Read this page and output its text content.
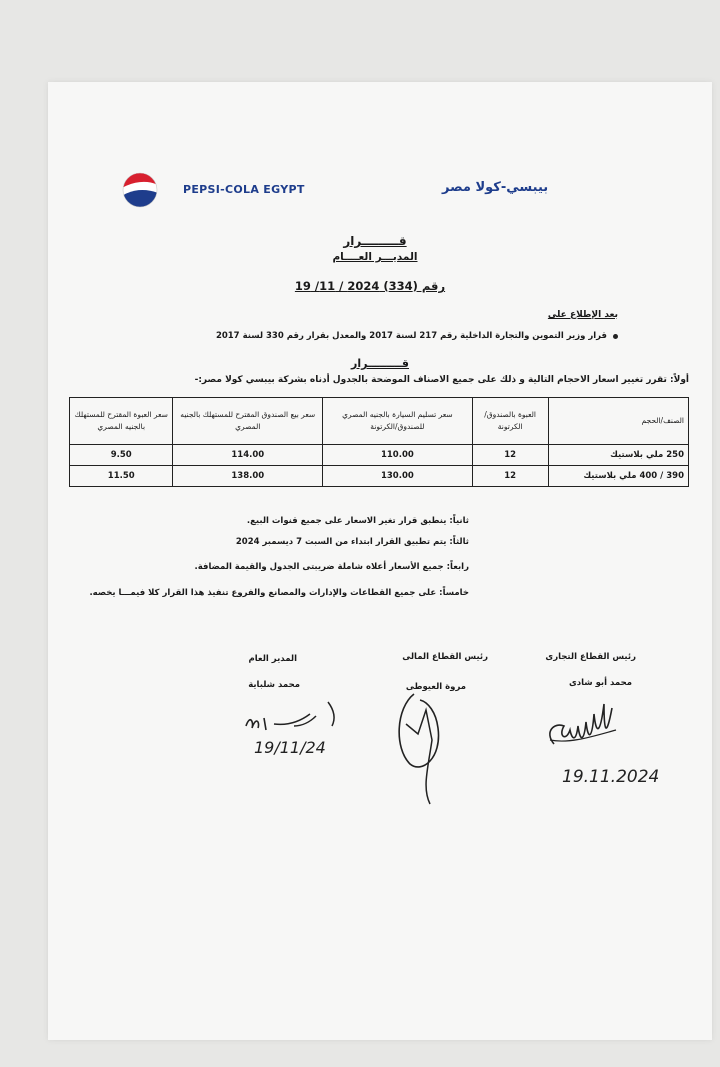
PEPSI-COLA EGYPT	بيبسي-كولا مصر
قـــــــــرار
المديـــر العــــام
رقم (334) 2024 / 11/ 19
بعد الإطلاع على
قرار وزير التموين والتجارة الداخلية رقم 217 لسنة 2017 والمعدل بقرار رقم 330 لسنة 2017
قـــــــــرار
أولاً: تقرر تغيير اسعار الاحجام التالية و ذلك على جميع الاصناف الموضحة بالجدول أدناه بشركة بيبسي كولا مصر:-
الصنف/الحجم	العبوة بالصندوق/ الكرتونة	سعر تسليم السيارة بالجنيه المصري للصندوق/الكرتونة	سعر بيع الصندوق المقترح للمستهلك بالجنيه المصري	سعر العبوة المقترح للمستهلك بالجنيه المصري
250 ملي بلاستيك	12	110.00	114.00	9.50
390 / 400 ملي بلاستيك	12	130.00	138.00	11.50
ثانياً: ينطبق قرار تغير الاسعار على جميع قنوات البيع.
ثالثاً: يتم تطبيق القرار ابتداء من السبت 7 ديسمبر 2024
رابعاً: جميع الأسعار أعلاه شاملة ضريبتى الجدول والقيمة المضافة.
خامساً: على جميع القطاعات والإدارات والمصانع والفروع تنفيذ هذا القرار كلا فيمـــا يخصه.
رئيس القطاع التجارى
رئيس القطاع المالى
المدير العام
محمد أبو شادى
مروة العيوطى
محمد شلباية
19/11/24
19.11.2024
